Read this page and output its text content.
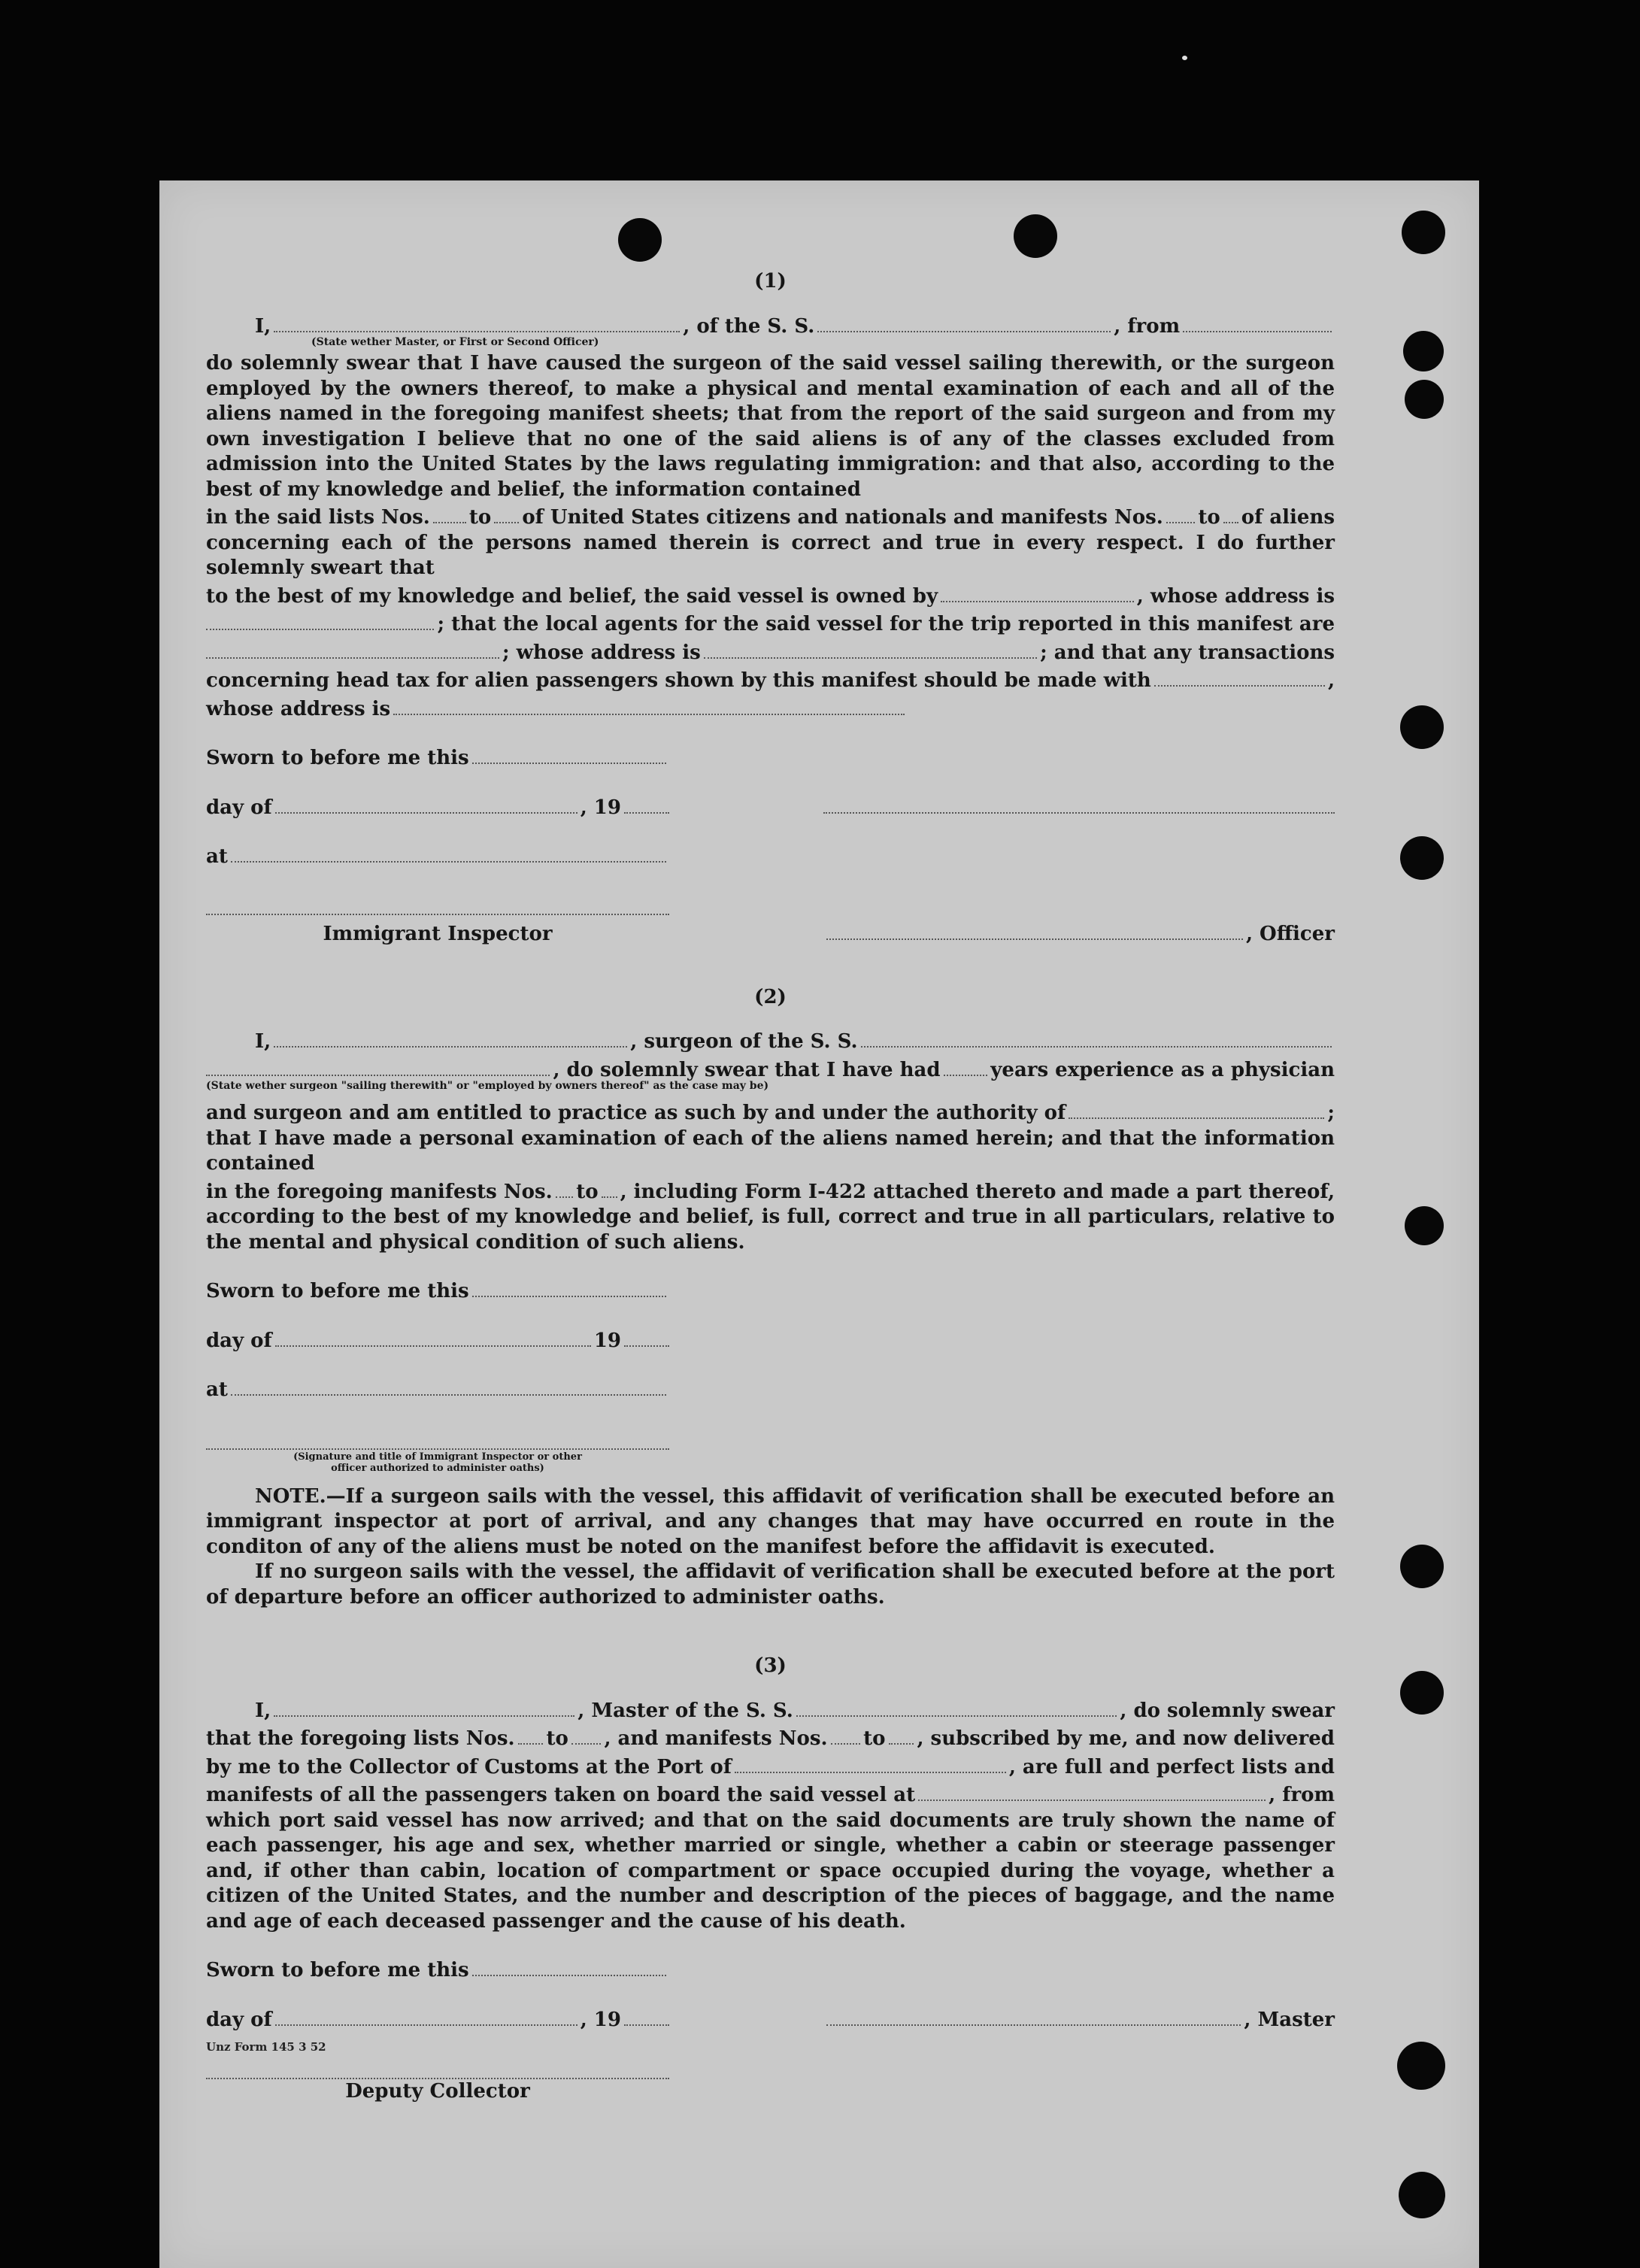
(1)
I,	, of the S. S.	, from
(State wether Master, or First or Second Officer)
do solemnly swear that I have caused the surgeon of the said vessel sailing therewith, or the surgeon employed by the owners thereof, to make a physical and mental examination of each and all of the aliens named in the foregoing manifest sheets; that from the report of the said surgeon and from my own investigation I believe that no one of the said aliens is of any of the classes excluded from admission into the United States by the laws regulating immigration: and that also, according to the best of my knowledge and belief, the information contained
in the said lists Nos. to of United States citizens and nationals and manifests Nos. to of aliens
concerning each of the persons named therein is correct and true in every respect. I do further solemnly sweart that
to the best of my knowledge and belief, the said vessel is owned by	, whose address is
; that the local agents for the said vessel for the trip reported in this manifest are
; whose address is	; and that any transactions
concerning head tax for alien passengers shown by this manifest should be made with	,
whose address is
Sworn to before me this
day of	, 19
at
Immigrant Inspector	, Officer
(2)
I,	, surgeon of the S. S.
, do solemnly swear that I have had	years experience as a physician
(State wether surgeon "sailing therewith" or "employed by owners thereof" as the case may be)
and surgeon and am entitled to practice as such by and under the authority of	;
that I have made a personal examination of each of the aliens named herein; and that the information contained
in the foregoing manifests Nos. to , including Form I-422 attached thereto and made a part thereof,
according to the best of my knowledge and belief, is full, correct and true in all particulars, relative to the mental and physical condition of such aliens.
Sworn to before me this
day of	19
at
(Signature and title of Immigrant Inspector or other
officer authorized to administer oaths)
NOTE.—If a surgeon sails with the vessel, this affidavit of verification shall be executed before an immigrant inspector at port of arrival, and any changes that may have occurred en route in the conditon of any of the aliens must be noted on the manifest before the affidavit is executed.
If no surgeon sails with the vessel, the affidavit of verification shall be executed before at the port of departure before an officer authorized to administer oaths.
(3)
I,	, Master of the S. S.	, do solemnly swear
that the foregoing lists Nos. to , and manifests Nos. to , subscribed by me, and now delivered
by me to the Collector of Customs at the Port of	, are full and perfect lists and
manifests of all the passengers taken on board the said vessel at	, from
which port said vessel has now arrived; and that on the said documents are truly shown the name of each passenger, his age and sex, whether married or single, whether a cabin or steerage passenger and, if other than cabin, location of compartment or space occupied during the voyage, whether a citizen of the United States, and the number and description of the pieces of baggage, and the name and age of each deceased passenger and the cause of his death.
Sworn to before me this
day of	, 19	, Master
Deputy Collector
Unz Form 145 3 52
